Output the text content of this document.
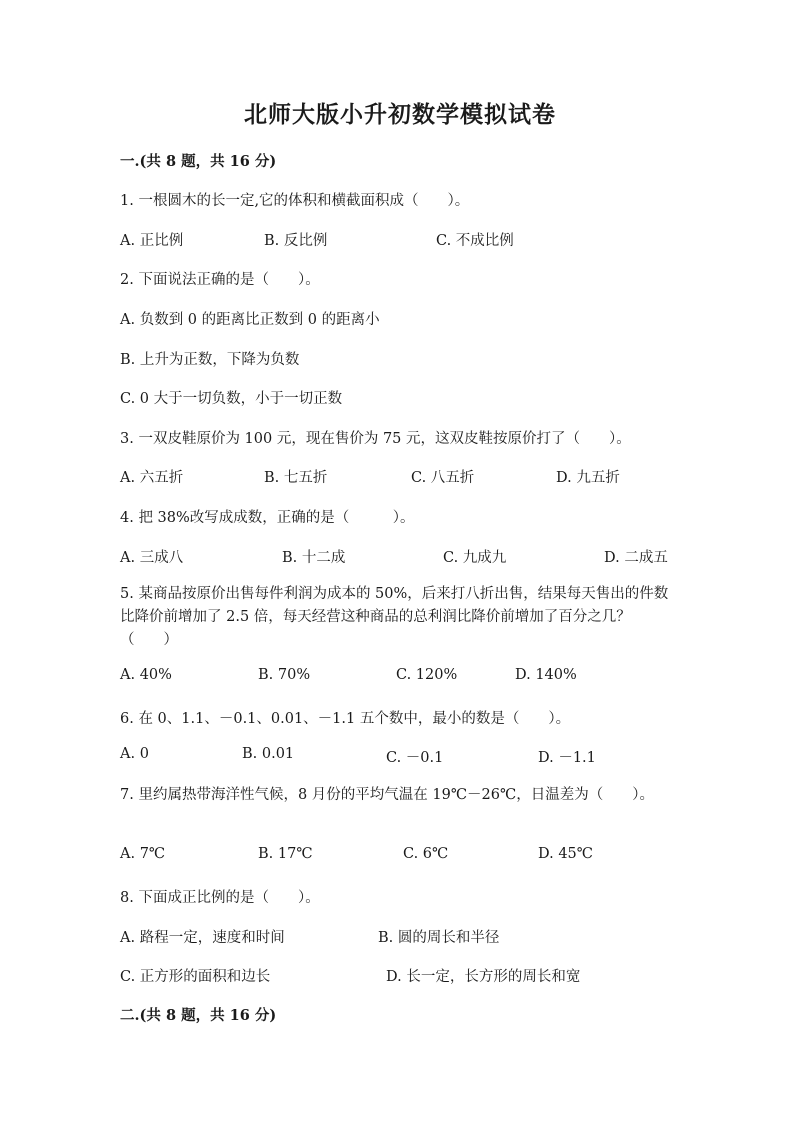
北师大版小升初数学模拟试卷
一.(共 8 题，共 16 分)
1. 一根圆木的长一定,它的体积和横截面积成（　　）。
A. 正比例	B. 反比例	C. 不成比例
2. 下面说法正确的是（　　）。
A. 负数到 0 的距离比正数到 0 的距离小
B. 上升为正数，下降为负数
C. 0 大于一切负数，小于一切正数
3. 一双皮鞋原价为 100 元，现在售价为 75 元，这双皮鞋按原价打了（　　）。
A. 六五折	B. 七五折	C. 八五折	D. 九五折
4. 把 38%改写成成数，正确的是（　　　）。
A. 三成八	B. 十二成	C. 九成九	D. 二成五
5. 某商品按原价出售每件利润为成本的 50%，后来打八折出售，结果每天售出的件数比降价前增加了 2.5 倍，每天经营这种商品的总利润比降价前增加了百分之几？（　　）
A. 40%	B. 70%	C. 120%	D. 140%
6. 在 0、1.1、－0.1、0.01、－1.1 五个数中，最小的数是（　　）。
A. 0	B. 0.01	C. －0.1	D. －1.1
7. 里约属热带海洋性气候，8 月份的平均气温在 19℃－26℃，日温差为（　　）。
A. 7℃	B. 17℃	C. 6℃	D. 45℃
8. 下面成正比例的是（　　）。
A. 路程一定，速度和时间	B. 圆的周长和半径
C. 正方形的面积和边长	D. 长一定，长方形的周长和宽
二.(共 8 题，共 16 分)
